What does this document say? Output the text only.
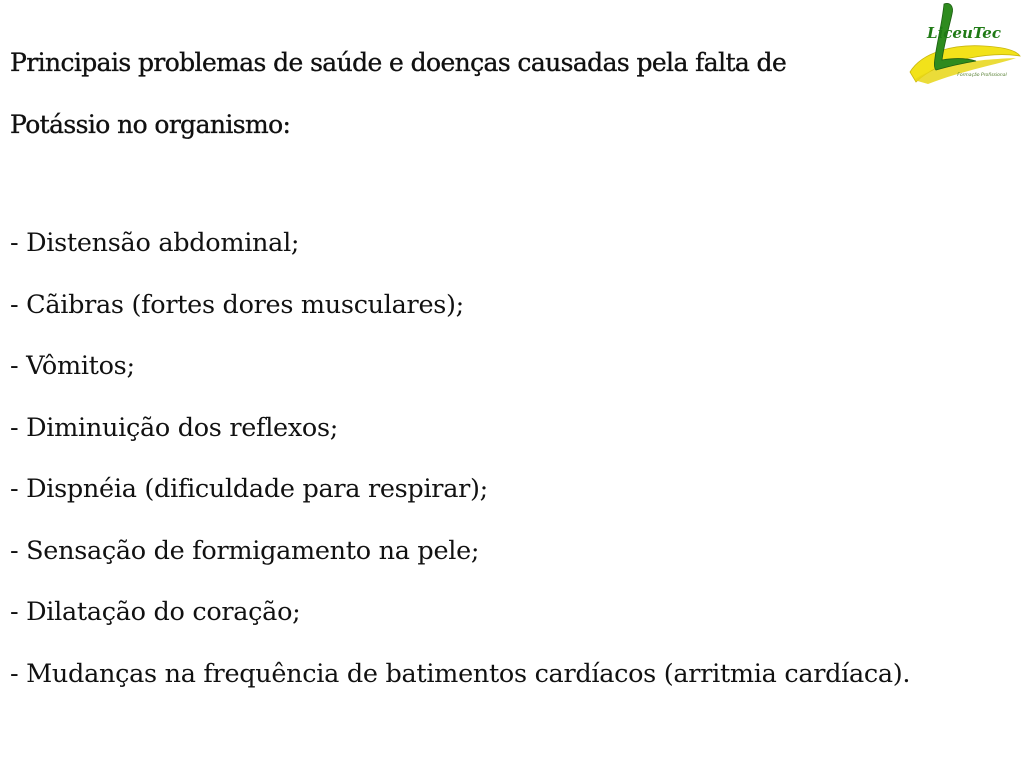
Principais problemas de saúde e doenças causadas pela falta de
Potássio no organismo:
- Distensão abdominal;
- Cãibras (fortes dores musculares);
- Vômitos;
- Diminuição dos reflexos;
- Dispnéia (dificuldade para respirar);
- Sensação de formigamento na pele;
- Dilatação do coração;
- Mudanças na frequência de batimentos cardíacos (arritmia cardíaca).
LiceuTec
Formação Profissional
